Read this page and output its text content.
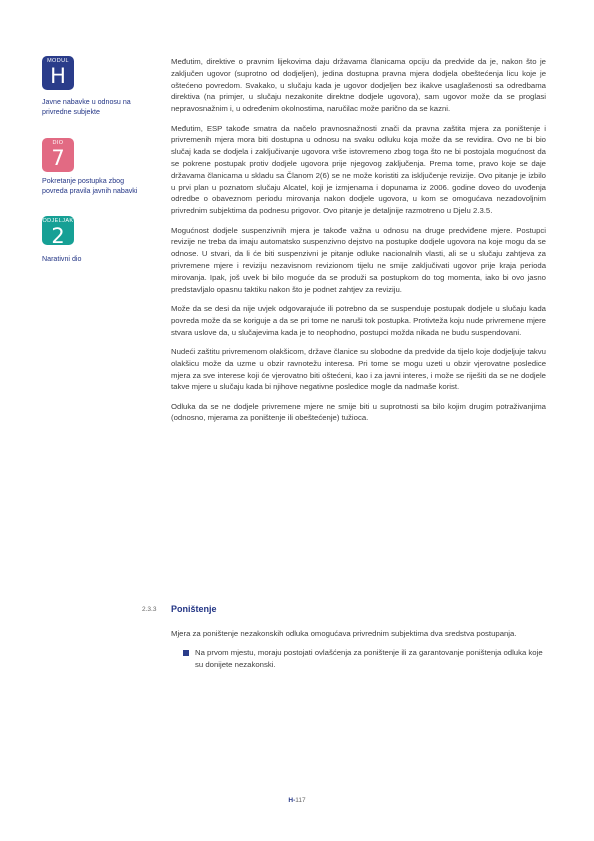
MODUL
H
Javne nabavke u odnosu na privredne subjekte
DIO
7
Pokretanje postupka zbog povreda pravila javnih nabavki
ODJELJAK
2
Narativni dio

Međutim, direktive o pravnim lijekovima daju državama članicama opciju da predvide da je, nakon što je zaključen ugovor (suprotno od dodjeljen), jedina dostupna pravna mjera dodjela obeštećenja licu koje je oštećeno povredom. Svakako, u slučaju kada je ugovor dodjeljen bez ikakve usaglašenosti sa odredbama direktiva (na primjer, u slučaju nezakonite direktne dodjele ugovora), sam ugovor može da se proglasi nepravosnažnim i, u određenim okolnostima, naručilac može parično da se kazni.

Međutim, ESP takođe smatra da načelo pravnosnažnosti znači da pravna zaštita mjera za poništenje i privremenih mjera mora biti dostupna u odnosu na svaku odluku koja može da se revidira. Ovo ne bi bio slučaj kada se dodjela i zaključivanje ugovora vrše istovremeno zbog toga što ne bi postojala mogućnost da se pokrene postupak protiv dodjele ugovora prije njegovog zaključenja. Prema tome, pravo koje se daje državama članicama u skladu sa Članom 2(6) se ne može koristiti za isključenje revizije. Ovo pitanje je izbilo u prvi plan u poznatom slučaju Alcatel, koji je izmjenama i dopunama iz 2006. godine doveo do uvođenja odredbe o obaveznom periodu mirovanja nakon dodjele ugovora, u kom se omogućava nezadovoljnim privrednim subjektima da podnesu prigovor. Ovo pitanje je detaljnije razmotreno u Djelu 2.3.5.

Mogućnost dodjele suspenzivnih mjera je takođe važna u odnosu na druge predviđene mjere. Postupci revizije ne treba da imaju automatsko suspenzivno dejstvo na postupke dodjele ugovora na koje mogu da se odnose. U stvari, da li će biti suspenzivni je pitanje odluke nacionalnih vlasti, ali se u slučaju zahtjeva za privremene mjere i reviziju nezavisnom revizionom tijelu ne smije zaključivati ugovor prije kraja perioda mirovanja. Ipak, još uvek bi bilo moguće da se produži sa postupkom do tog momenta, iako bi ovo jasno predstavljalo opasnu taktiku nakon što je podnet zahtjev za reviziju.

Može da se desi da nije uvjek odgovarajuće ili potrebno da se suspenduje postupak dodjele u slučaju kada povreda može da se koriguje a da se pri tome ne naruši tok postupka. Protivteža koju nude privremene mjere stvara uslove da, u slučajevima kada je to neophodno, postupci možda nikada ne budu suspendovani.

Nudeći zaštitu privremenom olakšicom, države članice su slobodne da predvide da tijelo koje dodjeljuje takvu olakšicu može da uzme u obzir ravnotežu interesa. Pri tome se mogu uzeti u obzir vjerovatne posledice mjera za sve interese koji će vjerovatno biti oštećeni, kao i za javni interes, i može se riješiti da se ne dodjele takve mjere u slučaju kada bi njihove negativne posledice mogle da nadmaše korist.

Odluka da se ne dodjele privremene mjere ne smije biti u suprotnosti sa bilo kojim drugim potraživanjima (odnosno, mjerama za poništenje ili obeštećenje) tužioca.

2.3.3 Poništenje

Mjera za poništenje nezakonskih odluka omogućava privrednim subjektima dva sredstva postupanja.

Na prvom mjestu, moraju postojati ovlašćenja za poništenje ili za garantovanje poništenja odluka koje su donijete nezakonski.
H-117
